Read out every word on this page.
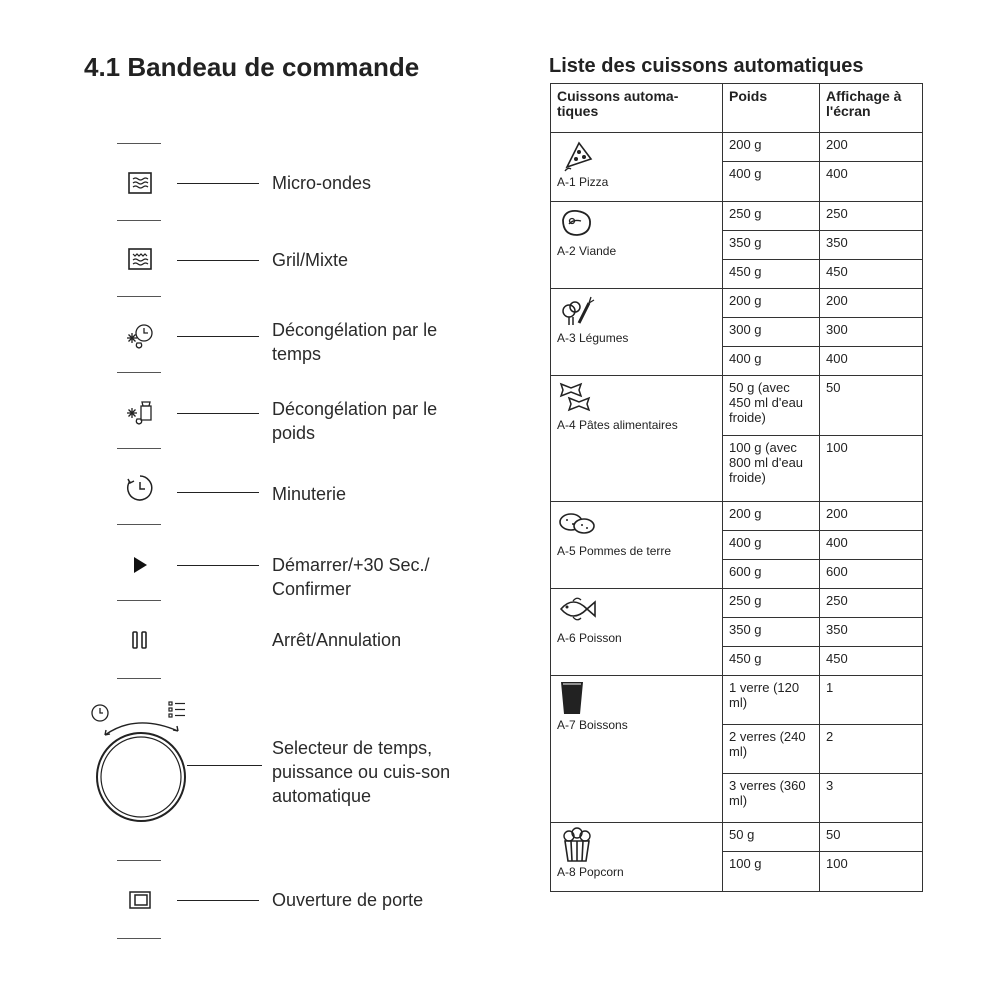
4.1 Bandeau de commande
Micro-ondes
Gril/Mixte
Décongélation par le temps
Décongélation par le poids
Minuterie
Démarrer/+30 Sec./ Confirmer
Arrêt/Annulation
Selecteur de temps, puissance ou cuis-son automatique
Ouverture de porte
Liste des cuissons automatiques
Cuissons automa-tiques	Poids	Affichage à l'écran

A-1 Pizza	200 g	200
	400 g	400

A-2 Viande	250 g	250
	350 g	350
	450 g	450

A-3 Légumes	200 g	200
	300 g	300
	400 g	400

A-4 Pâtes alimentaires	50 g (avec 450 ml d'eau froide)	50
	100 g (avec 800 ml d'eau froide)	100

A-5 Pommes de terre	200 g	200
	400 g	400
	600 g	600

A-6 Poisson	250 g	250
	350 g	350
	450 g	450

A-7 Boissons	1 verre (120 ml)	1
	2 verres (240 ml)	2
	3 verres (360 ml)	3

A-8 Popcorn	50 g	50
	100 g	100
